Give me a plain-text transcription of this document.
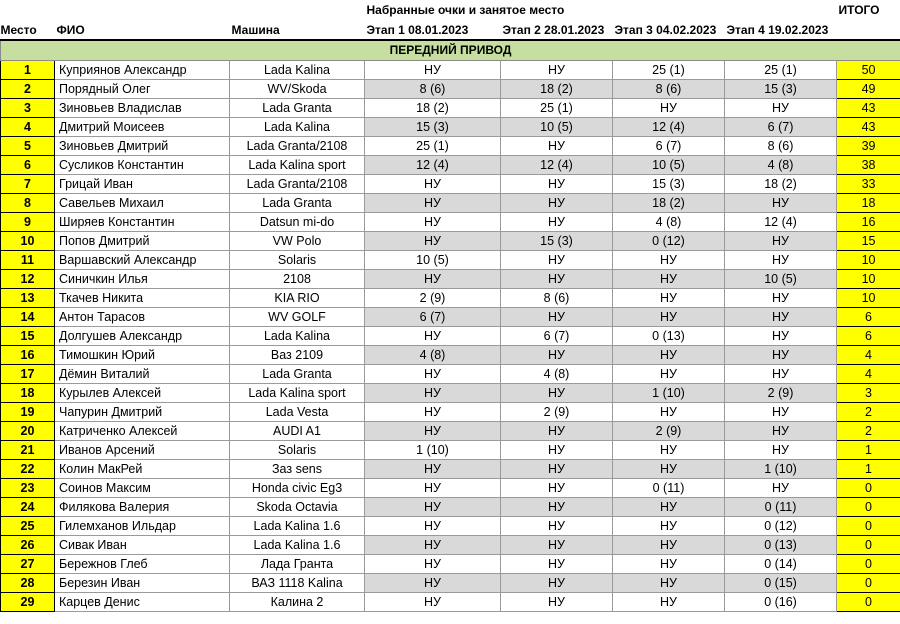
			Набранные очки и занятое место				ИТОГО
Место	ФИО	Машина	Этап 1 08.01.2023	Этап 2 28.01.2023	Этап 3 04.02.2023	Этап 4 19.02.2023	
ПЕРЕДНИЙ ПРИВОД							
1	Куприянов Александр	Lada Kalina	НУ	НУ	25 (1)	25 (1)	50
2	Порядный Олег	WV/Skoda	8 (6)	18 (2)	8 (6)	15 (3)	49
3	Зиновьев Владислав	Lada Granta	18 (2)	25 (1)	НУ	НУ	43
4	Дмитрий Моисеев	Lada Kalina	15 (3)	10 (5)	12 (4)	6 (7)	43
5	Зиновьев Дмитрий	Lada Granta/2108	25 (1)	НУ	6 (7)	8 (6)	39
6	Сусликов Константин	Lada Kalina sport	12 (4)	12 (4)	10 (5)	4 (8)	38
7	Грицай Иван	Lada Granta/2108	НУ	НУ	15 (3)	18 (2)	33
8	Савельев Михаил	Lada Granta	НУ	НУ	18 (2)	НУ	18
9	Ширяев Константин	Datsun mi-do	НУ	НУ	4 (8)	12 (4)	16
10	Попов Дмитрий	VW Polo	НУ	15 (3)	0 (12)	НУ	15
11	Варшавский Александр	Solaris	10 (5)	НУ	НУ	НУ	10
12	Синичкин Илья	2108	НУ	НУ	НУ	10 (5)	10
13	Ткачев Никита	KIA RIO	2 (9)	8 (6)	НУ	НУ	10
14	Антон Тарасов	WV GOLF	6 (7)	НУ	НУ	НУ	6
15	Долгушев Александр	Lada Kalina	НУ	6 (7)	0 (13)	НУ	6
16	Тимошкин Юрий	Ваз 2109	4 (8)	НУ	НУ	НУ	4
17	Дёмин Виталий	Lada Granta	НУ	4 (8)	НУ	НУ	4
18	Курылев Алексей	Lada Kalina sport	НУ	НУ	1 (10)	2 (9)	3
19	Чапурин Дмитрий	Lada Vesta	НУ	2 (9)	НУ	НУ	2
20	Катриченко Алексей	AUDI A1	НУ	НУ	2 (9)	НУ	2
21	Иванов Арсений	Solaris	1 (10)	НУ	НУ	НУ	1
22	Колин МакРей	Заз sens	НУ	НУ	НУ	1 (10)	1
23	Соинов Максим	Honda civic Eg3	НУ	НУ	0 (11)	НУ	0
24	Филякова Валерия	Skoda Octavia	НУ	НУ	НУ	0 (11)	0
25	Гилемханов Ильдар	Lada Kalina 1.6	НУ	НУ	НУ	0 (12)	0
26	Сивак Иван	Lada Kalina 1.6	НУ	НУ	НУ	0 (13)	0
27	Бережнов Глеб	Лада Гранта	НУ	НУ	НУ	0 (14)	0
28	Березин Иван	ВАЗ 1118 Kalina	НУ	НУ	НУ	0 (15)	0
29	Карцев Денис	Калина 2	НУ	НУ	НУ	0 (16)	0
